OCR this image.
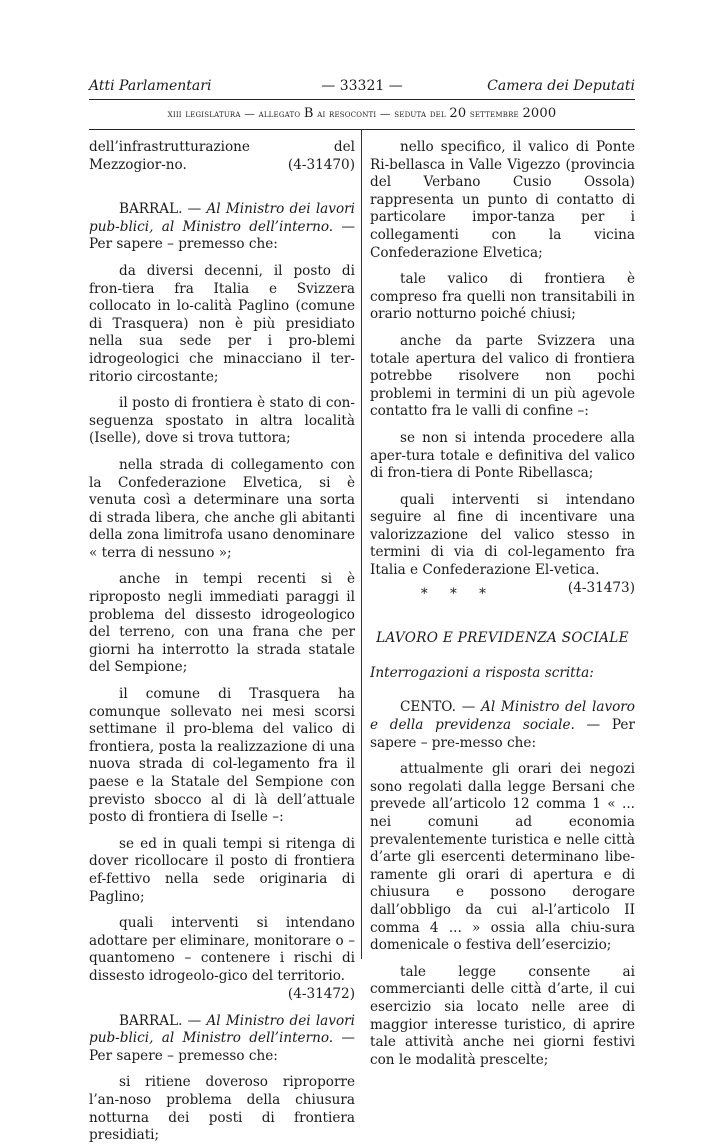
Atti Parlamentari	— 33321 —	Camera dei Deputati
xiii legislatura — allegato B ai resoconti — seduta del 20 settembre 2000

dell’infrastrutturazione del Mezzogior-no.	(4-31470)

BARRAL. — Al Ministro dei lavori pub-blici, al Ministro dell’interno. — Per sapere – premesso che:

da diversi decenni, il posto di fron-tiera fra Italia e Svizzera collocato in lo-calità Paglino (comune di Trasquera) non è più presidiato nella sua sede per i pro-blemi idrogeologici che minacciano il ter-ritorio circostante;

il posto di frontiera è stato di con-seguenza spostato in altra località (Iselle), dove si trova tuttora;

nella strada di collegamento con la Confederazione Elvetica, si è venuta così a determinare una sorta di strada libera, che anche gli abitanti della zona limitrofa usano denominare « terra di nessuno »;

anche in tempi recenti si è riproposto negli immediati paraggi il problema del dissesto idrogeologico del terreno, con una frana che per giorni ha interrotto la strada statale del Sempione;

il comune di Trasquera ha comunque sollevato nei mesi scorsi settimane il pro-blema del valico di frontiera, posta la realizzazione di una nuova strada di col-legamento fra il paese e la Statale del Sempione con previsto sbocco al di là dell’attuale posto di frontiera di Iselle –:

se ed in quali tempi si ritenga di dover ricollocare il posto di frontiera ef-fettivo nella sede originaria di Paglino;

quali interventi si intendano adottare per eliminare, monitorare o – quantomeno – contenere i rischi di dissesto idrogeolo-gico del territorio.
(4-31472)

BARRAL. — Al Ministro dei lavori pub-blici, al Ministro dell’interno. — Per sapere – premesso che:

si ritiene doveroso riproporre l’an-noso problema della chiusura notturna dei posti di frontiera presidiati;

nello specifico, il valico di Ponte Ri-bellasca in Valle Vigezzo (provincia del Verbano Cusio Ossola) rappresenta un punto di contatto di particolare impor-tanza per i collegamenti con la vicina Confederazione Elvetica;

tale valico di frontiera è compreso fra quelli non transitabili in orario notturno poiché chiusi;

anche da parte Svizzera una totale apertura del valico di frontiera potrebbe risolvere non pochi problemi in termini di un più agevole contatto fra le valli di confine –:

se non si intenda procedere alla aper-tura totale e definitiva del valico di fron-tiera di Ponte Ribellasca;

quali interventi si intendano seguire al fine di incentivare una valorizzazione del valico stesso in termini di via di col-legamento fra Italia e Confederazione El-vetica.
(4-31473)

* * *
LAVORO E PREVIDENZA SOCIALE

Interrogazioni a risposta scritta:

CENTO. — Al Ministro del lavoro e della previdenza sociale. — Per sapere – pre-messo che:

attualmente gli orari dei negozi sono regolati dalla legge Bersani che prevede all’articolo 12 comma 1 « ... nei comuni ad economia prevalentemente turistica e nelle città d’arte gli esercenti determinano libe-ramente gli orari di apertura e di chiusura e possono derogare dall’obbligo da cui al-l’articolo II comma 4 ... » ossia alla chiu-sura domenicale o festiva dell’esercizio;

tale legge consente ai commercianti delle città d’arte, il cui esercizio sia locato nelle aree di maggior interesse turistico, di aprire tale attività anche nei giorni festivi con le modalità prescelte;
